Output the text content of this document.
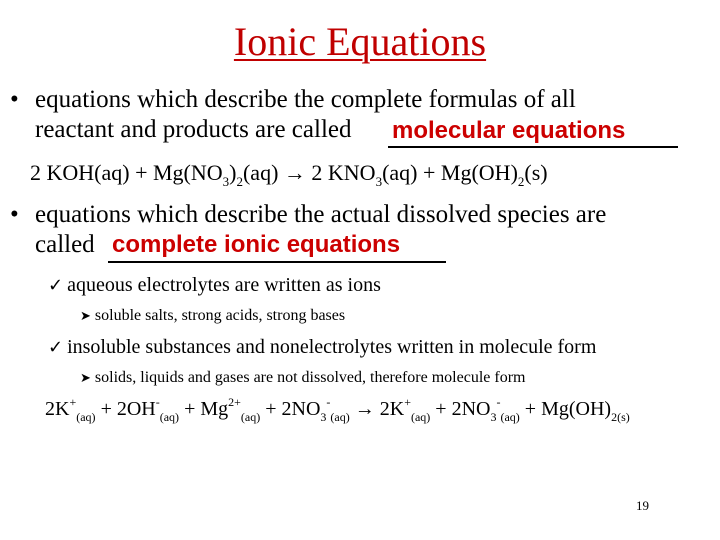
Ionic Equations
• equations which describe the complete formulas of all
reactant and products are called molecular equations
2 $KOH(aq) + Mg(NO_3)_2(aq) \to 2$ $KNO_3(aq) + Mg(OH)_2(s)$
• equations which describe the actual dissolved species are
called complete ionic equations
✓ aqueous electrolytes are written as ions
➤ soluble salts, strong acids, strong bases
✓ insoluble substances and nonelectrolytes written in molecule form
➤ solids, liquids and gases are not dissolved, therefore molecule form
$2K^+_{(aq)} + 2OH^-_{(aq)} + Mg^{2+}_{(aq)} + 2NO_3^-_{(aq)} \to 2K^+_{(aq)} + 2NO_3^-_{(aq)} + Mg(OH)_{2(s)}$
19
